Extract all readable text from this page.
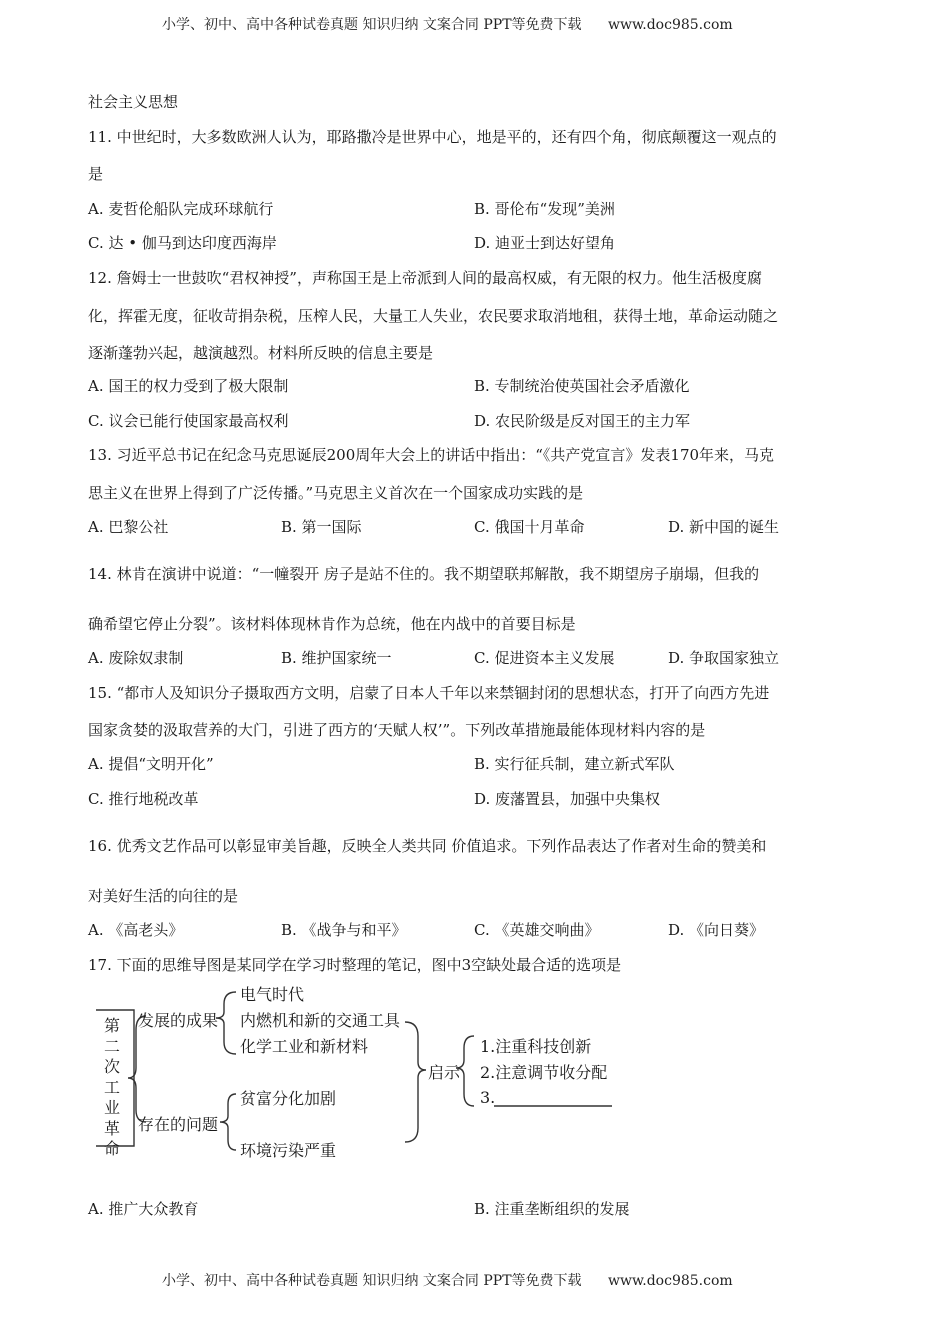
小学、初中、高中各种试卷真题 知识归纳 文案合同 PPT等免费下载 www.doc985.com
社会主义思想
11. 中世纪时，大多数欧洲人认为，耶路撒冷是世界中心，地是平的，还有四个角，彻底颠覆这一观点的
是
A. 麦哲伦船队完成环球航行	B. 哥伦布“发现”美洲
C. 达 • 伽马到达印度西海岸	D. 迪亚士到达好望角
12. 詹姆士一世鼓吹“君权神授”，声称国王是上帝派到人间的最高权威，有无限的权力。他生活极度腐
化，挥霍无度，征收苛捐杂税，压榨人民，大量工人失业，农民要求取消地租，获得土地，革命运动随之
逐渐蓬勃兴起，越演越烈。材料所反映的信息主要是
A. 国王的权力受到了极大限制	B. 专制统治使英国社会矛盾激化
C. 议会已能行使国家最高权利	D. 农民阶级是反对国王的主力军
13. 习近平总书记在纪念马克思诞辰200周年大会上的讲话中指出：“《共产党宣言》发表170年来，马克
思主义在世界上得到了广泛传播。”马克思主义首次在一个国家成功实践的是
A. 巴黎公社	B. 第一国际	C. 俄国十月革命	D. 新中国的诞生
14. 林肯在演讲中说道：“一幢裂开 房子是站不住的。我不期望联邦解散，我不期望房子崩塌，但我的
确希望它停止分裂”。该材料体现林肯作为总统，他在内战中的首要目标是
A. 废除奴隶制	B. 维护国家统一	C. 促进资本主义发展	D. 争取国家独立
15. “都市人及知识分子摄取西方文明，启蒙了日本人千年以来禁锢封闭的思想状态，打开了向西方先进
国家贪婪的汲取营养的大门，引进了西方的‘天赋人权’”。下列改革措施最能体现材料内容的是
A. 提倡“文明开化”	B. 实行征兵制，建立新式军队
C. 推行地税改革	D. 废藩置县，加强中央集权
16. 优秀文艺作品可以彰显审美旨趣，反映全人类共同 价值追求。下列作品表达了作者对生命的赞美和
对美好生活的向往的是
A. 《高老头》	B. 《战争与和平》	C. 《英雄交响曲》	D. 《向日葵》
17. 下面的思维导图是某同学在学习时整理的笔记，图中3空缺处最合适的选项是
第二次工业革命
发展的成果
电气时代
内燃机和新的交通工具
化学工业和新材料
存在的问题
贫富分化加剧
环境污染严重
启示
1.注重科技创新
2.注意调节收分配
3.
A. 推广大众教育	B. 注重垄断组织的发展
小学、初中、高中各种试卷真题 知识归纳 文案合同 PPT等免费下载 www.doc985.com
